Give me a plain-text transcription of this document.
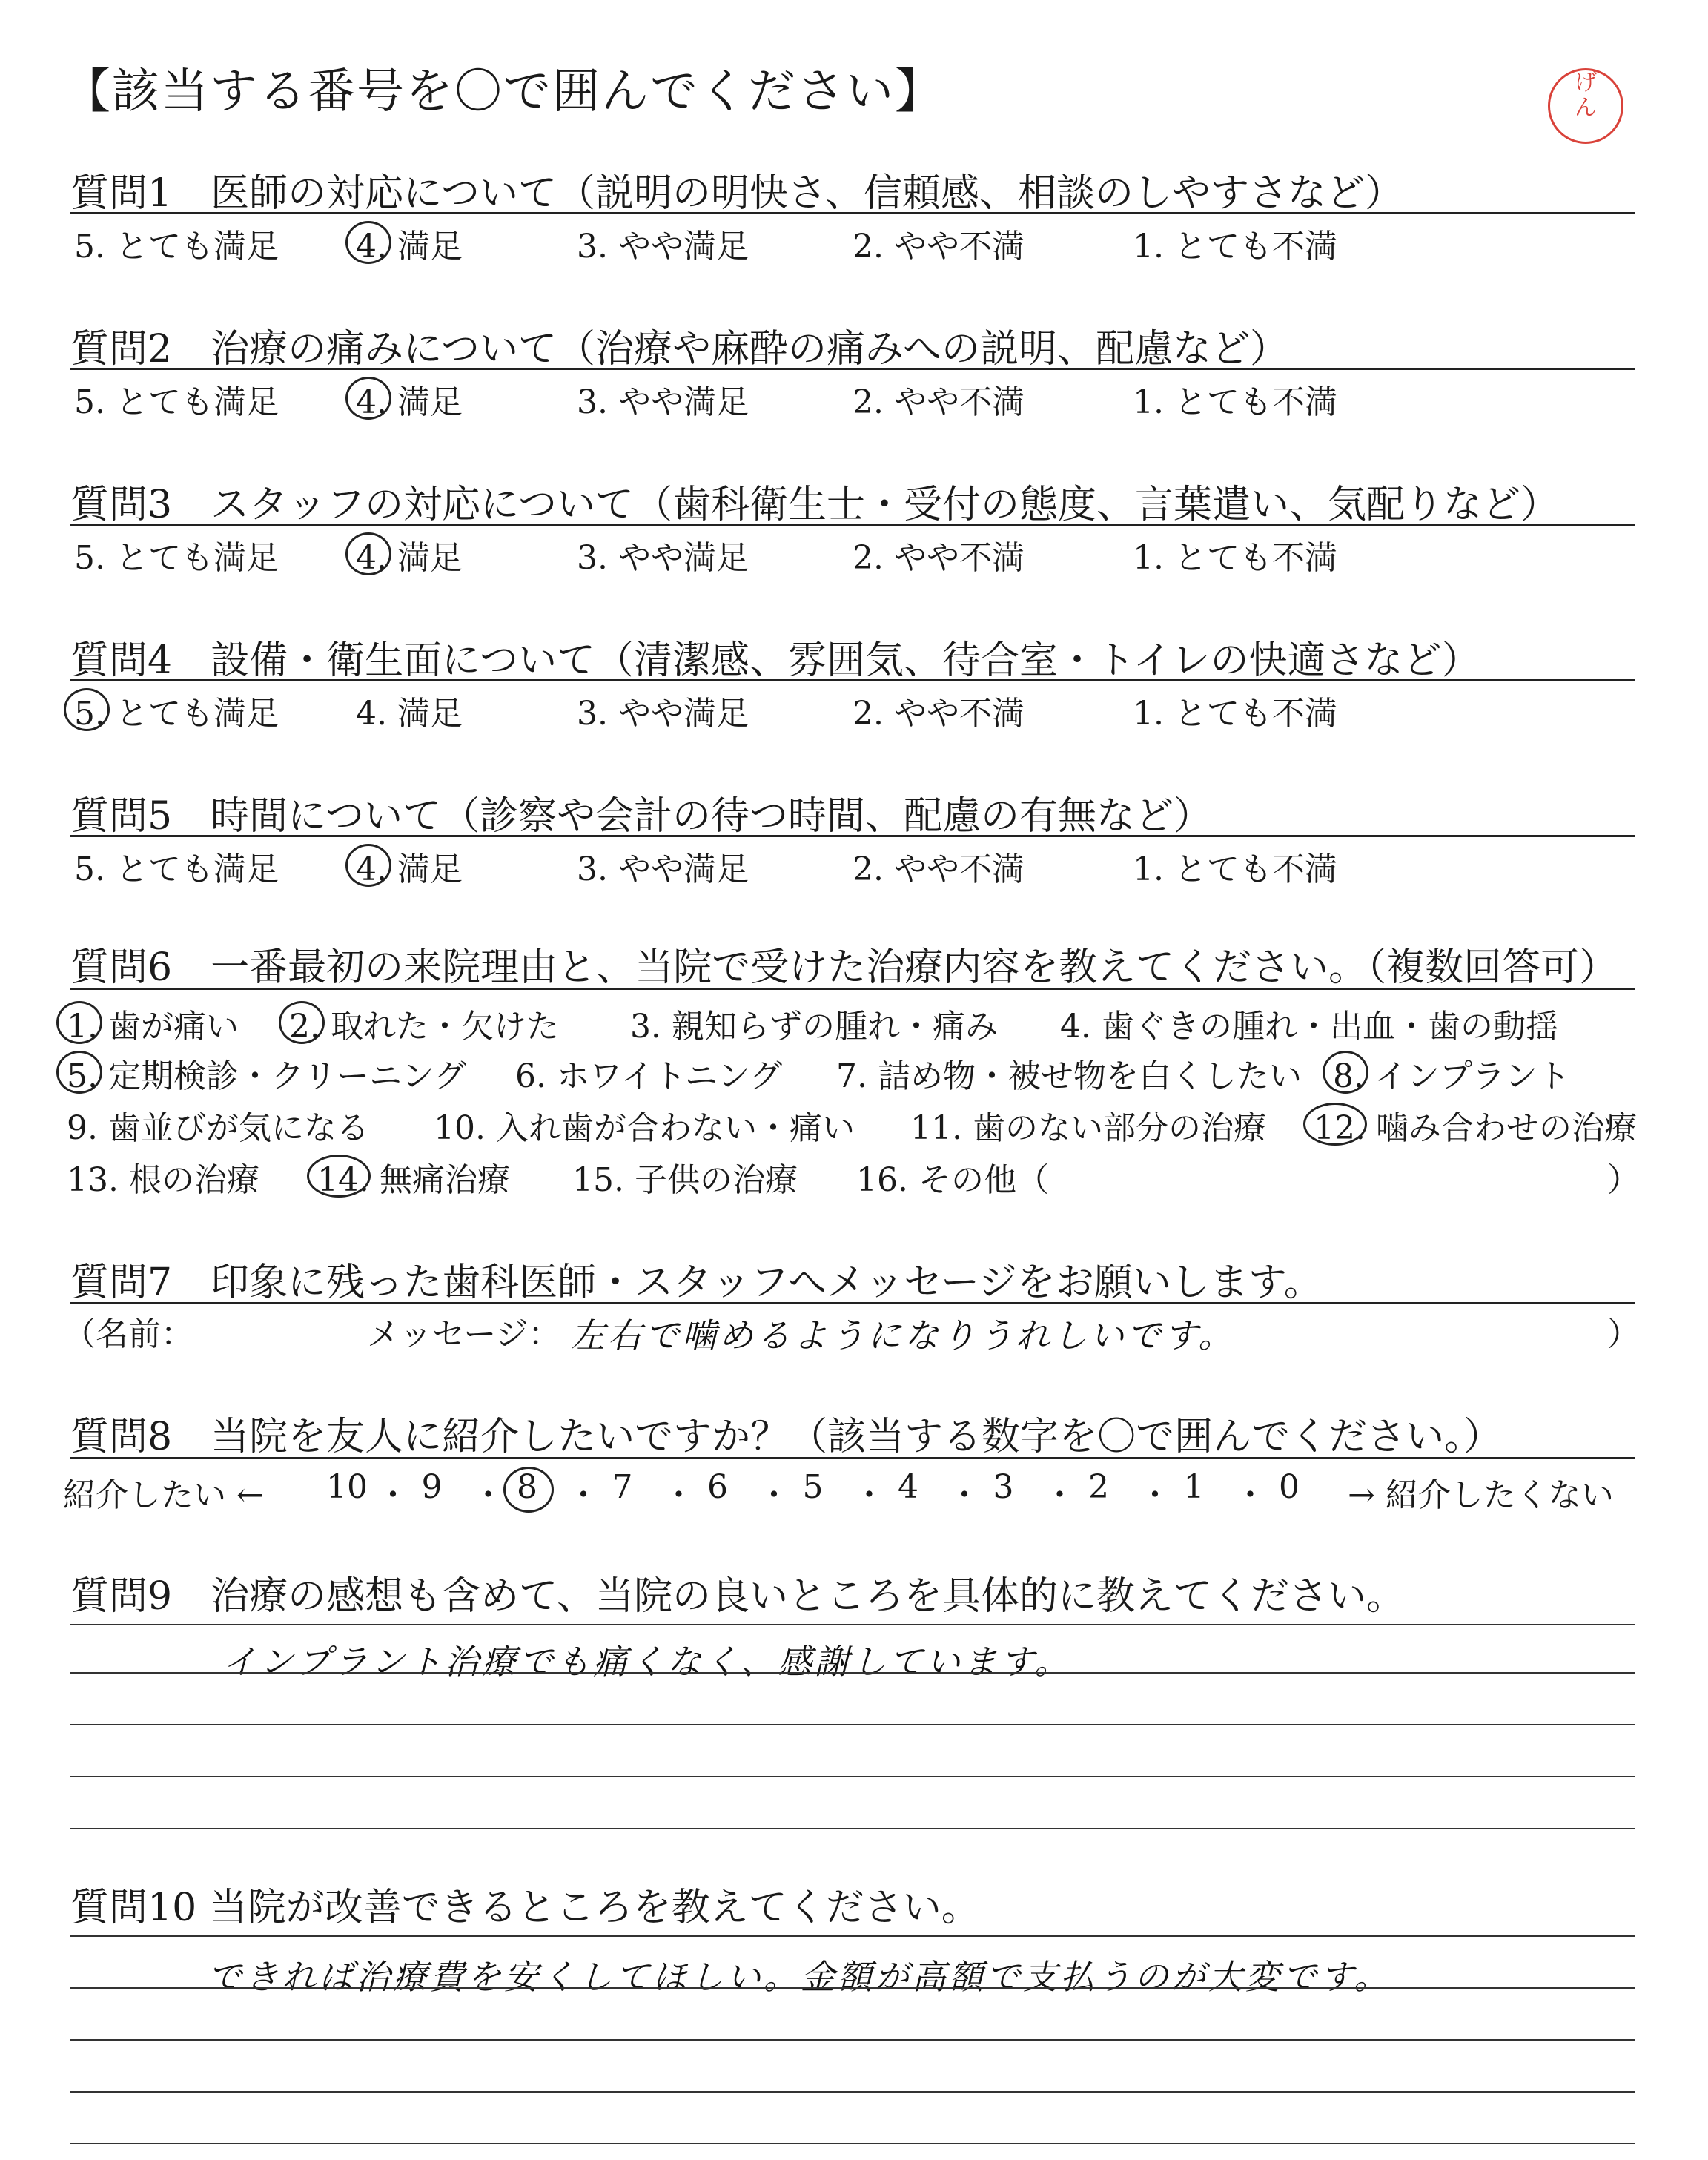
【該当する番号を〇で囲んでください】	げ
ん
質問1　医師の対応について（説明の明快さ、信頼感、相談のしやすさなど）
5. とても満足 4. 満足	3. やや満足	2. やや不満	1. とても不満
質問2　治療の痛みについて（治療や麻酔の痛みへの説明、配慮など）
5. とても満足 4. 満足	3. やや満足	2. やや不満	1. とても不満
質問3　スタッフの対応について（歯科衛生士・受付の態度、言葉遣い、気配りなど）
5. とても満足 4. 満足	3. やや満足	2. やや不満	1. とても不満
質問4　設備・衛生面について（清潔感、雰囲気、待合室・トイレの快適さなど）
5. とても満足 4. 満足	3. やや満足	2. やや不満	1. とても不満
質問5　時間について（診察や会計の待つ時間、配慮の有無など）
5. とても満足 4. 満足	3. やや満足	2. やや不満	1. とても不満
質問6　一番最初の来院理由と、当院で受けた治療内容を教えてください。（複数回答可）
1. 歯が痛い 2. 取れた・欠けた 3. 親知らずの腫れ・痛み 4. 歯ぐきの腫れ・出血・歯の動揺
5. 定期検診・クリーニング 6. ホワイトニング 7. 詰め物・被せ物を白くしたい 8. インプラント
9. 歯並びが気になる 10. 入れ歯が合わない・痛い 11. 歯のない部分の治療 12. 噛み合わせの治療
13. 根の治療 14. 無痛治療 15. 子供の治療 16. その他（	）
質問7　印象に残った歯科医師・スタッフへメッセージをお願いします。
（名前：	メッセージ： 左右で噛めるようになりうれしいです。	）
質問8　当院を友人に紹介したいですか？（該当する数字を〇で囲んでください。）
紹介したい ← 10 ・ 9 ・ 8 ・ 7 ・ 6 ・ 5 ・ 4 ・ 3 ・ 2 ・ 1 ・ 0 → 紹介したくない
質問9　治療の感想も含めて、当院の良いところを具体的に教えてください。
インプラント治療でも痛くなく、感謝しています。
質問10 当院が改善できるところを教えてください。
できれば治療費を安くしてほしい。金額が高額で支払うのが大変です。
